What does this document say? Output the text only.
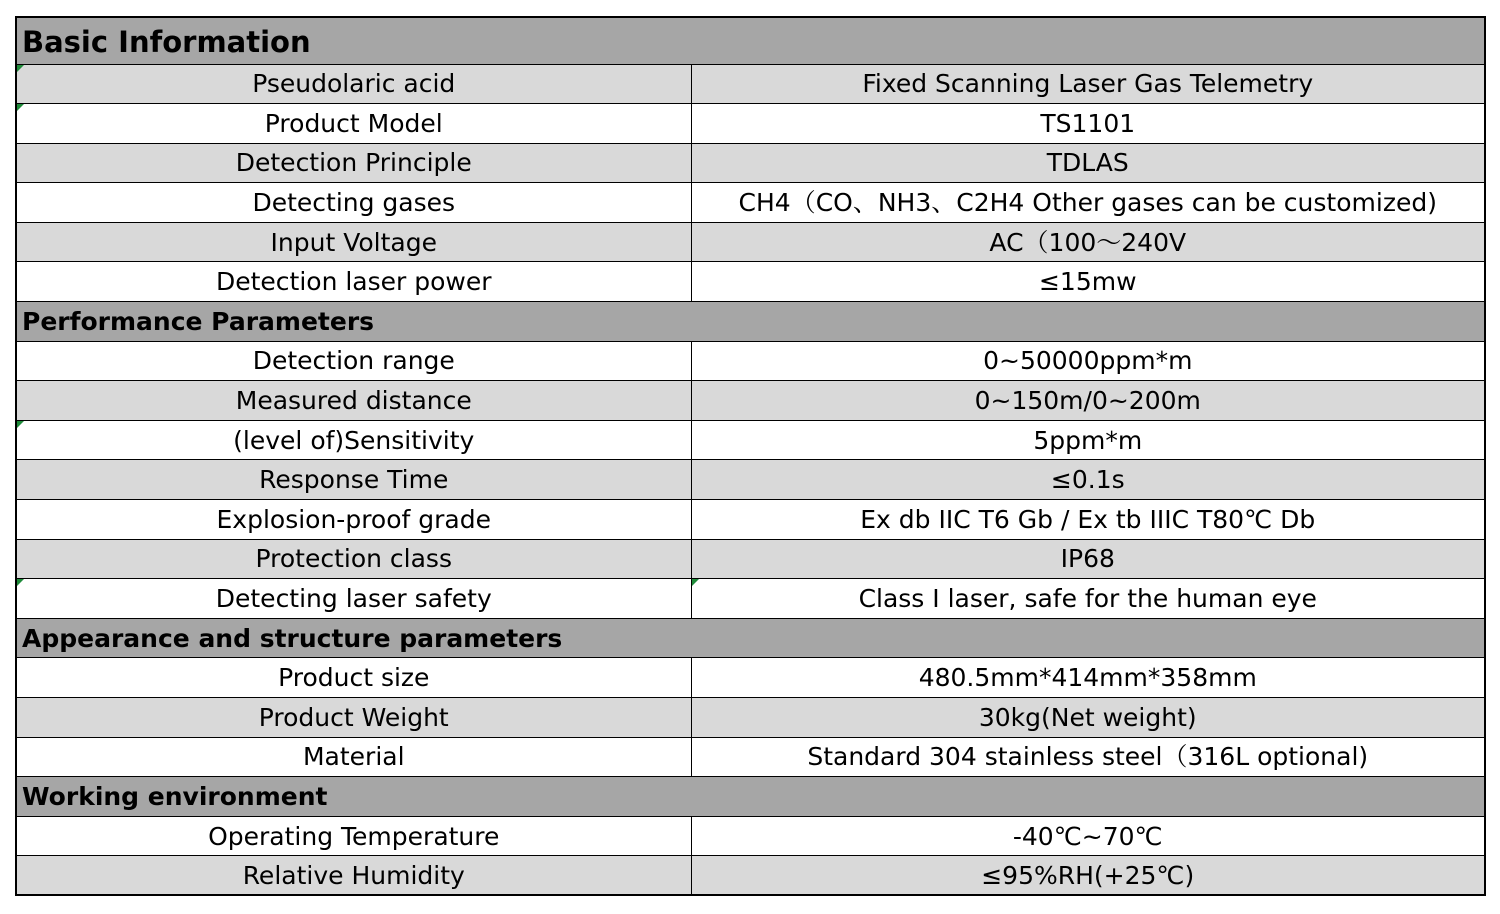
Basic Information	
Pseudolaric acid	Fixed Scanning Laser Gas Telemetry
Product Model	TS1101
Detection Principle	TDLAS
Detecting gases	CH4（CO、NH3、C2H4 Other gases can be customized)
Input Voltage	AC（100～240V
Detection laser power	≤15mw
Performance Parameters	
Detection range	0~50000ppm*m
Measured distance	0~150m/0~200m
(level of)Sensitivity	5ppm*m
Response Time	≤0.1s
Explosion-proof grade	Ex db IIC T6 Gb / Ex tb IIIC T80℃ Db
Protection class	IP68
Detecting laser safety	Class I laser, safe for the human eye
Appearance and structure parameters	
Product size	480.5mm*414mm*358mm
Product Weight	30kg(Net weight)
Material	Standard 304 stainless steel（316L optional)
Working environment	
Operating Temperature	-40℃~70℃
Relative Humidity	≤95%RH(+25℃)
